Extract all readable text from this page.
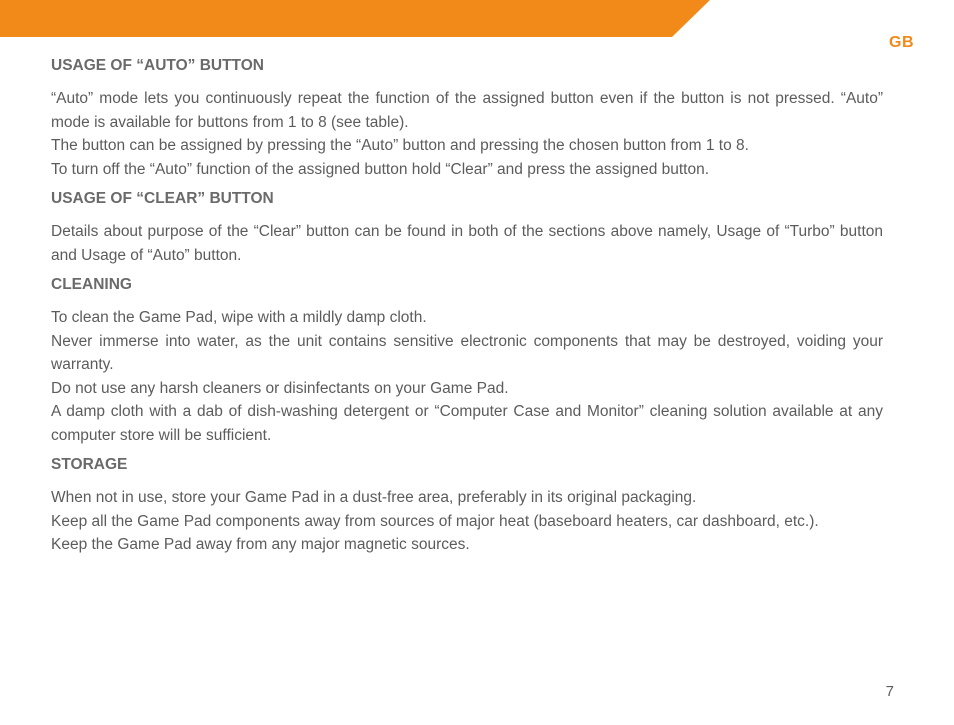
GB
USAGE OF “AUTO” BUTTON
“Auto” mode lets you continuously repeat the function of the assigned button even if the button is not pressed. “Auto” mode is available for buttons from 1 to 8 (see table).
The button can be assigned by pressing the “Auto” button and pressing the chosen button from 1 to 8.
To turn off the “Auto” function of the assigned button hold “Clear” and press the assigned button.
USAGE OF “CLEAR” BUTTON
Details about purpose of the “Clear” button can be found in both of the sections above namely, Usage of “Turbo” button and Usage of “Auto” button.
CLEANING
To clean the Game Pad, wipe with a mildly damp cloth.
Never immerse into water, as the unit contains sensitive electronic components that may be destroyed, voiding your warranty.
Do not use any harsh cleaners or disinfectants on your Game Pad.
A damp cloth with a dab of dish-washing detergent or “Computer Case and Monitor” cleaning solution available at any computer store will be sufficient.
STORAGE
When not in use, store your Game Pad in a dust-free area, preferably in its original packaging.
Keep all the Game Pad components away from sources of major heat (baseboard heaters, car dashboard, etc.).
Keep the Game Pad away from any major magnetic sources.
7
